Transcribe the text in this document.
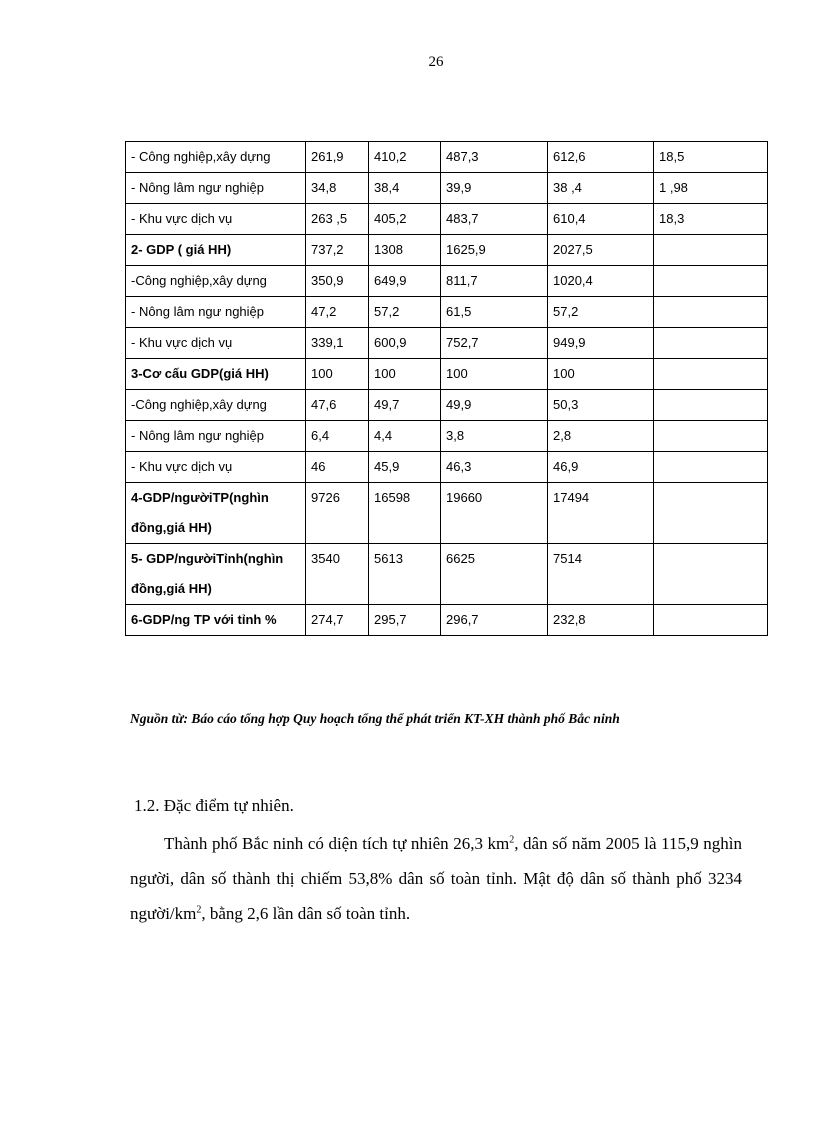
26
- Công nghiệp,xây dựng	261,9	410,2	487,3	612,6	18,5
- Nông lâm ngư nghiệp	34,8	38,4	39,9	38 ,4	1 ,98
- Khu vực dịch vụ	263 ,5	405,2	483,7	610,4	18,3
2- GDP ( giá HH)	737,2	1308	1625,9	2027,5	
-Công nghiệp,xây dựng	350,9	649,9	811,7	1020,4	
- Nông lâm ngư nghiệp	47,2	57,2	61,5	57,2	
- Khu vực dịch vụ	339,1	600,9	752,7	949,9	
3-Cơ cấu GDP(giá HH)	100	100	100	100	
-Công nghiệp,xây dựng	47,6	49,7	49,9	50,3	
- Nông lâm ngư nghiệp	6,4	4,4	3,8	2,8	
- Khu vực dịch vụ	46	45,9	46,3	46,9	
4-GDP/ngườiTP(nghìn đồng,giá HH)	9726	16598	19660	17494	
5- GDP/ngườiTỉnh(nghìn đồng,giá HH)	3540	5613	6625	7514	
6-GDP/ng TP với tỉnh %	274,7	295,7	296,7	232,8	
Nguồn từ: Báo cáo tổng hợp Quy hoạch tổng thể phát triển KT-XH thành phố Bắc ninh
1.2. Đặc điểm tự nhiên.

Thành phố Bắc ninh có diện tích tự nhiên 26,3 $km^2$, dân số năm 2005 là 115,9 nghìn người, dân số thành thị chiếm 53,8% dân số toàn tỉnh. Mật độ dân số thành phố 3234 người/$km^2$, bằng 2,6 lần dân số toàn tỉnh.
